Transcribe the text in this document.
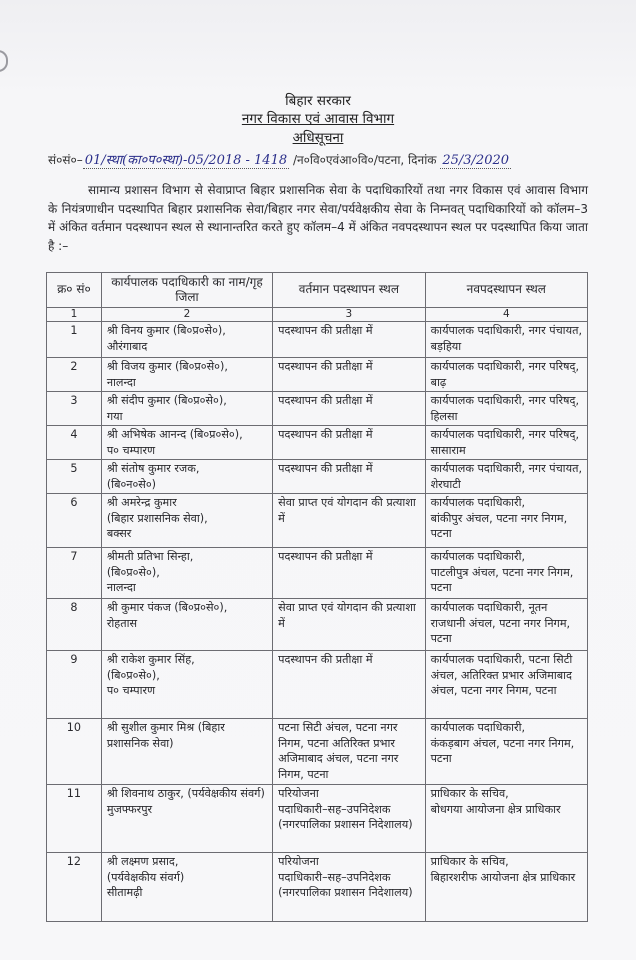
बिहार सरकार
नगर विकास एवं आवास विभाग
अधिसूचना
सं०सं०– 01/स्था(का०प०स्था)-05/2018 - 1418 /न०वि०एवंआ०वि०/पटना, दिनांक 25/3/2020
सामान्य प्रशासन विभाग से सेवाप्राप्त बिहार प्रशासनिक सेवा के पदाधिकारियों तथा नगर विकास एवं आवास विभाग के नियंत्रणाधीन पदस्थापित बिहार प्रशासनिक सेवा/बिहार नगर सेवा/पर्यवेक्षकीय सेवा के निम्नवत् पदाधिकारियों को कॉलम–3 में अंकित वर्तमान पदस्थापन स्थल से स्थानान्तरित करते हुए कॉलम–4 में अंकित नवपदस्थापन स्थल पर पदस्थापित किया जाता है :–
क्र० सं०	कार्यपालक पदाधिकारी का नाम/गृह जिला	वर्तमान पदस्थापन स्थल	नवपदस्थापन स्थल
1	2	3	4
1	श्री विनय कुमार (बि०प्र०से०),
औरंगाबाद	पदस्थापन की प्रतीक्षा में	कार्यपालक पदाधिकारी, नगर पंचायत, बड़हिया
2	श्री विजय कुमार (बि०प्र०से०),
नालन्दा	पदस्थापन की प्रतीक्षा में	कार्यपालक पदाधिकारी, नगर परिषद्, बाढ़
3	श्री संदीप कुमार (बि०प्र०से०),
गया	पदस्थापन की प्रतीक्षा में	कार्यपालक पदाधिकारी, नगर परिषद्, हिलसा
4	श्री अभिषेक आनन्द (बि०प्र०से०),
प० चम्पारण	पदस्थापन की प्रतीक्षा में	कार्यपालक पदाधिकारी, नगर परिषद्, सासाराम
5	श्री संतोष कुमार रजक,
(बि०न०से०)	पदस्थापन की प्रतीक्षा में	कार्यपालक पदाधिकारी, नगर पंचायत, शेरघाटी
6	श्री अमरेन्द्र कुमार
(बिहार प्रशासनिक सेवा),
बक्सर	सेवा प्राप्त एवं योगदान की प्रत्याशा में	कार्यपालक पदाधिकारी,
बांकीपुर अंचल, पटना नगर निगम, पटना
7	श्रीमती प्रतिभा सिन्हा,
(बि०प्र०से०),
नालन्दा	पदस्थापन की प्रतीक्षा में	कार्यपालक पदाधिकारी,
पाटलीपुत्र अंचल, पटना नगर निगम, पटना
8	श्री कुमार पंकज (बि०प्र०से०),
रोहतास	सेवा प्राप्त एवं योगदान की प्रत्याशा में	कार्यपालक पदाधिकारी, नूतन राजधानी अंचल, पटना नगर निगम, पटना
9	श्री राकेश कुमार सिंह,
(बि०प्र०से०),
प० चम्पारण	पदस्थापन की प्रतीक्षा में	कार्यपालक पदाधिकारी, पटना सिटी अंचल, अतिरिक्त प्रभार अजिमाबाद अंचल, पटना नगर निगम, पटना
10	श्री सुशील कुमार मिश्र (बिहार प्रशासनिक सेवा)	पटना सिटी अंचल, पटना नगर निगम, पटना अतिरिक्त प्रभार अजिमाबाद अंचल, पटना नगर निगम, पटना	कार्यपालक पदाधिकारी,
कंकड़बाग अंचल, पटना नगर निगम, पटना
11	श्री शिवनाथ ठाकुर, (पर्यवेक्षकीय संवर्ग)
मुजफ्फरपुर	परियोजना
पदाधिकारी–सह–उपनिदेशक (नगरपालिका प्रशासन निदेशालय)	प्राधिकार के सचिव,
बोधगया आयोजना क्षेत्र प्राधिकार
12	श्री लक्ष्मण प्रसाद,
(पर्यवेक्षकीय संवर्ग)
सीतामढ़ी	परियोजना
पदाधिकारी–सह–उपनिदेशक (नगरपालिका प्रशासन निदेशालय)	प्राधिकार के सचिव,
बिहारशरीफ आयोजना क्षेत्र प्राधिकार
